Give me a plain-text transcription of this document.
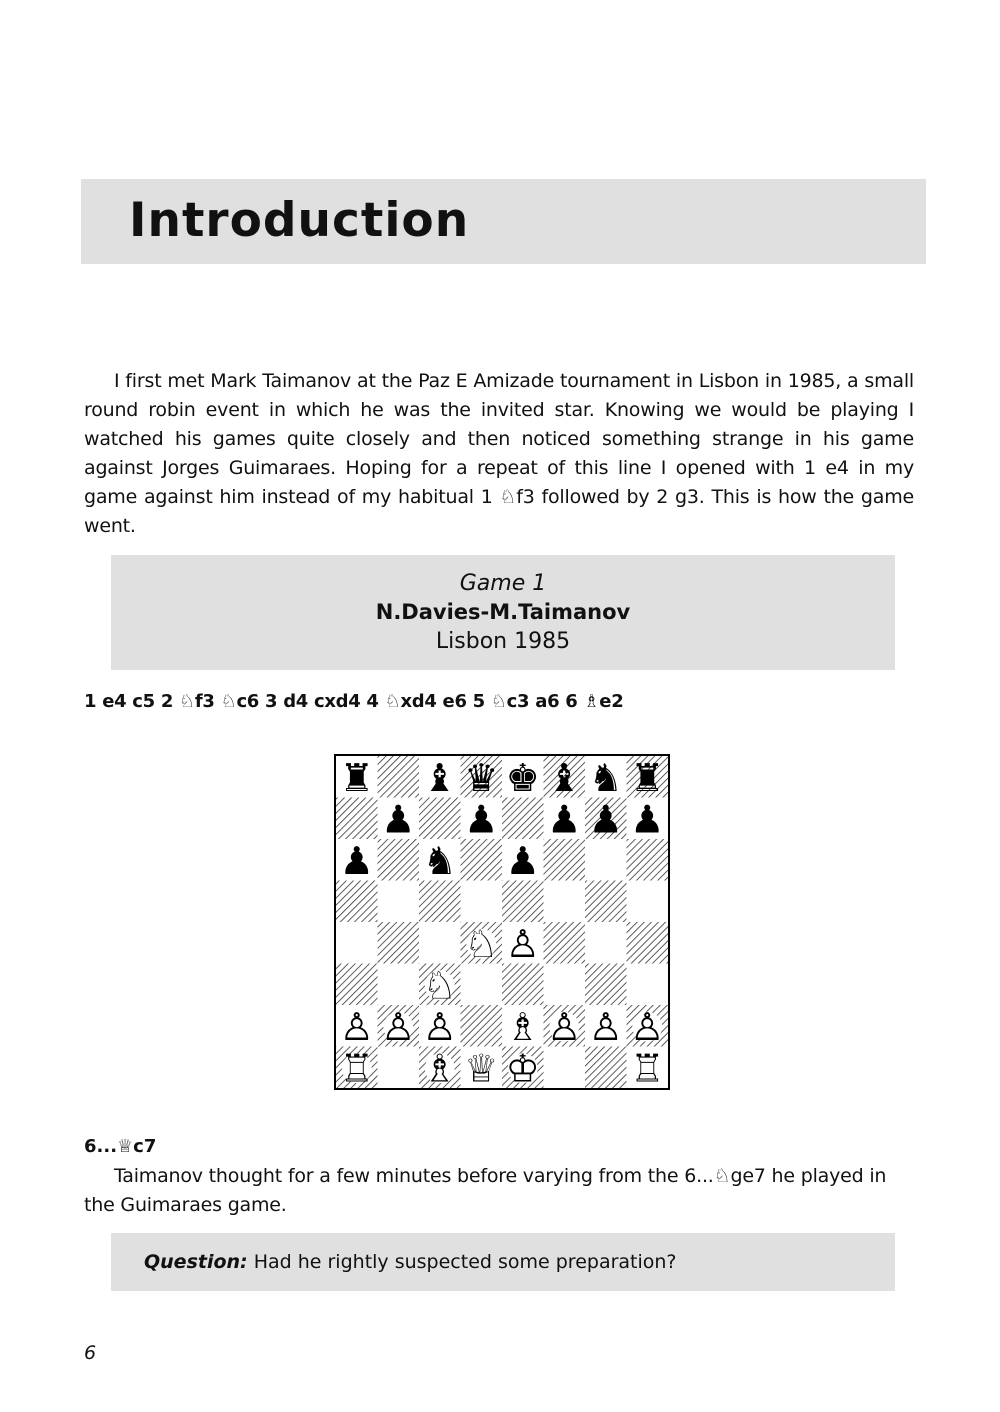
Introduction

I first met Mark Taimanov at the Paz E Amizade tournament in Lisbon in 1985, a small round robin event in which he was the invited star. Knowing we would be playing I watched his games quite closely and then noticed something strange in his game against Jorges Guimaraes. Hoping for a repeat of this line I opened with 1 e4 in my game against him instead of my habitual 1 ♘f3 followed by 2 g3. This is how the game went.

Game 1
N.Davies-M.Taimanov
Lisbon 1985

1 e4 c5 2 ♘f3 ♘c6 3 d4 cxd4 4 ♘xd4 e6 5 ♘c3 a6 6 ♗e2

♜ ♝ ♛ ♚ ♝ ♞ ♜
♟ ♟ ♟ ♟ ♟
♟ ♞ ♟
♘ ♙
♘
♙ ♙ ♙ ♗ ♙ ♙ ♙
♖ ♗ ♕ ♔ ♖

6...♕c7

Taimanov thought for a few minutes before varying from the 6...♘ge7 he played in the Guimaraes game.

Question: Had he rightly suspected some preparation?

6
